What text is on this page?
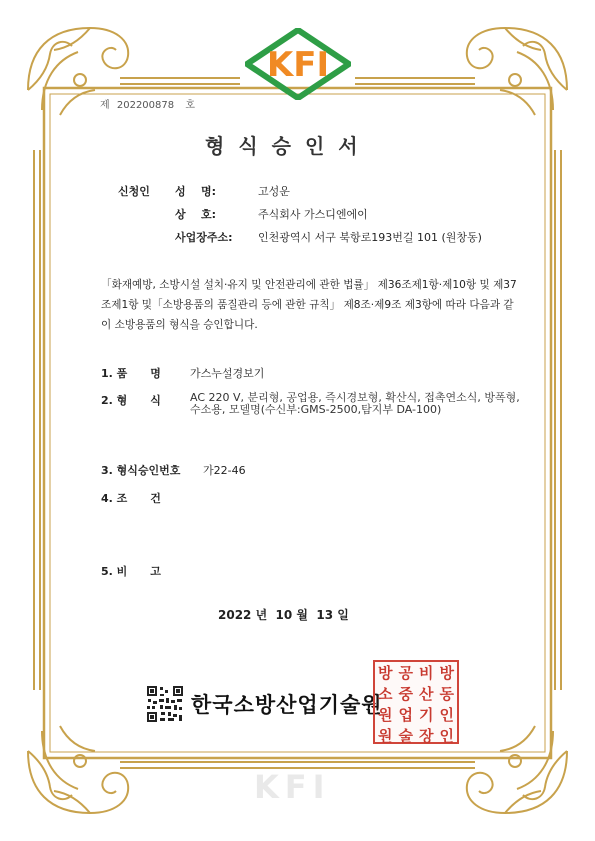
KFI
제 202200878 호
형식승인서
신청인 성    명:	고성운
상    호:	주식회사 가스디엔에이
사업장주소: 인천광역시 서구 북항로193번길 101 (원창동)
「화재예방, 소방시설 설치·유지 및 안전관리에 관한 법률」 제36조제1항·제10항 및 제37조제1항 및「소방용품의 품질관리 등에 관한 규칙」 제8조·제9조 제3항에 따라 다음과 같이 소방용품의 형식을 승인합니다.
1. 품      명	가스누설경보기
2. 형      식	AC 220 V, 분리형, 공업용, 즉시경보형, 확산식, 접촉연소식, 방폭형, 수소용, 모델명(수신부:GMS-2500,탐지부 DA-100)
3. 형식승인번호 가22-46
4. 조      건
5. 비      고
2022 년  10 월  13 일
한국소방산업기술원
방 공 비 방
소 중 산 동
원 업 기 인
원 술 장 인
KFI
